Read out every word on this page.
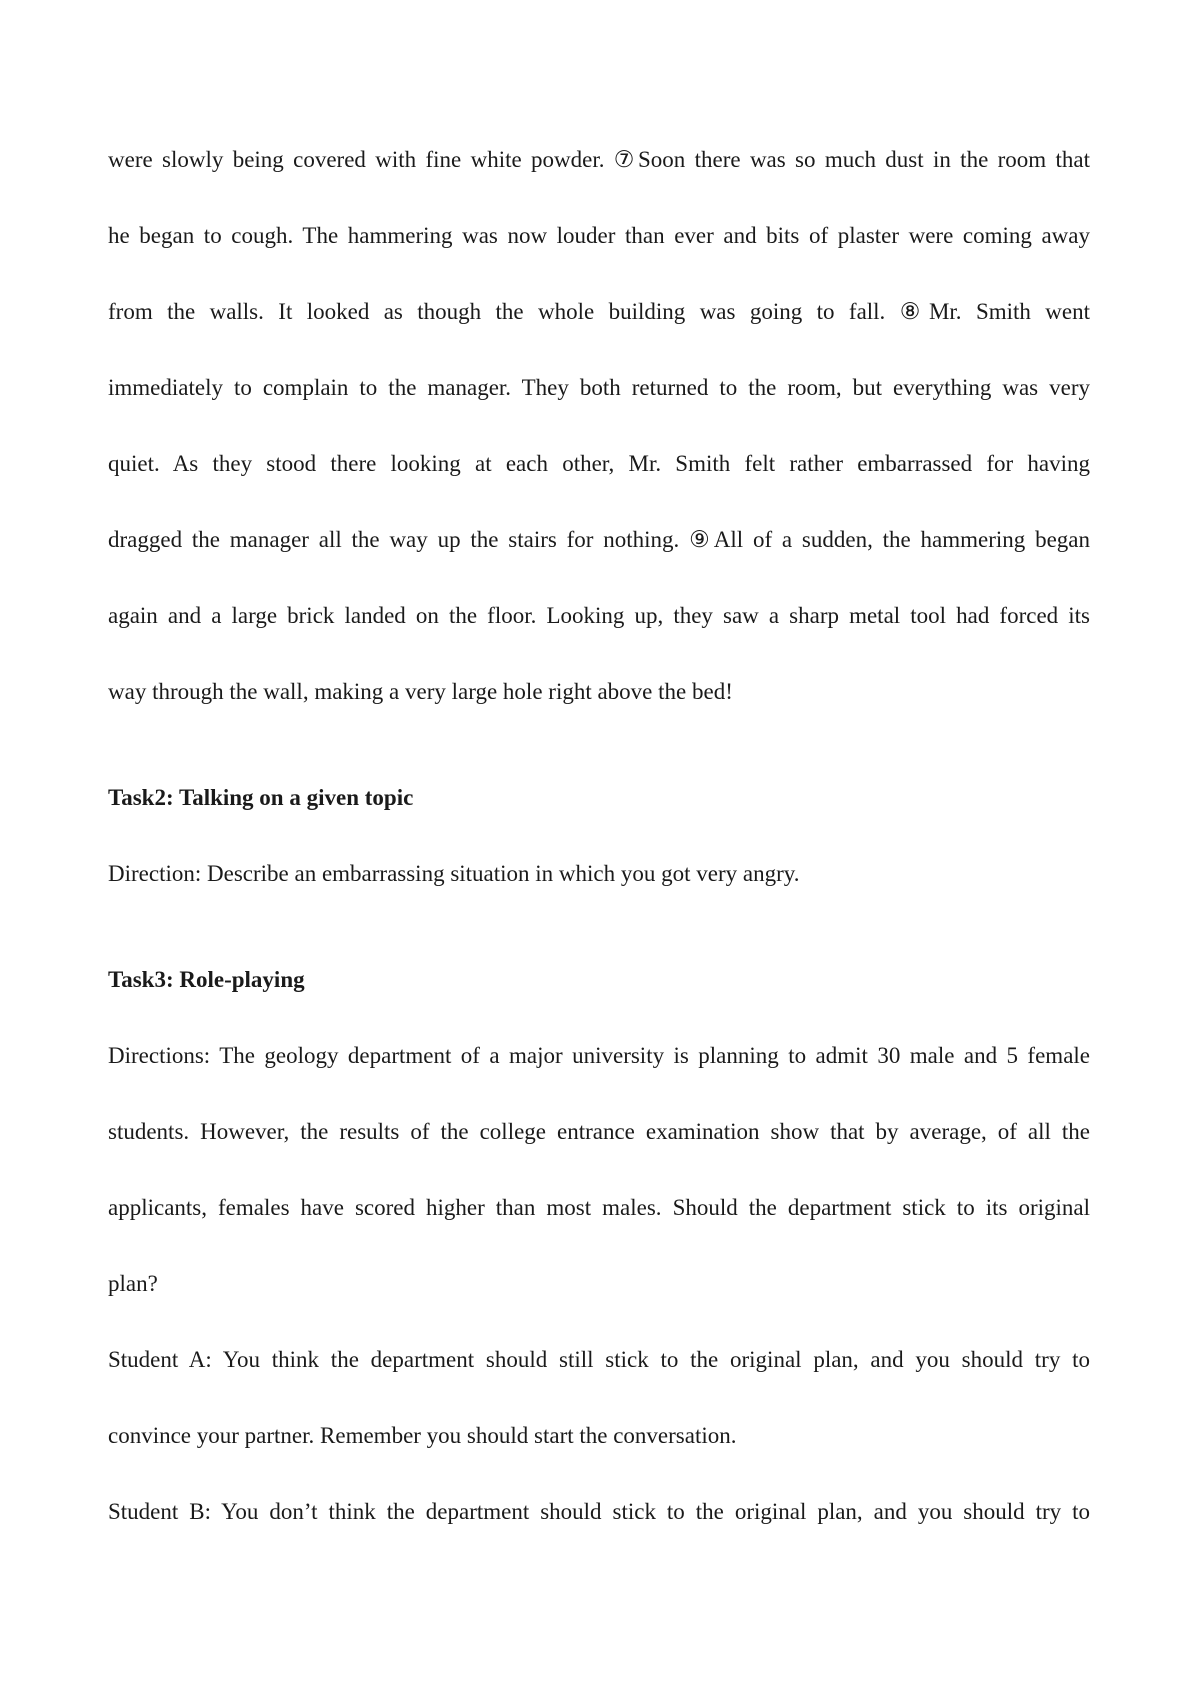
were slowly being covered with fine white powder. ⑦Soon there was so much dust in the room that
he began to cough. The hammering was now louder than ever and bits of plaster were coming away
from the walls. It looked as though the whole building was going to fall. ⑧Mr. Smith went
immediately to complain to the manager. They both returned to the room, but everything was very
quiet. As they stood there looking at each other, Mr. Smith felt rather embarrassed for having
dragged the manager all the way up the stairs for nothing. ⑨All of a sudden, the hammering began
again and a large brick landed on the floor. Looking up, they saw a sharp metal tool had forced its
way through the wall, making a very large hole right above the bed!
Task2: Talking on a given topic
Direction: Describe an embarrassing situation in which you got very angry.
Task3: Role-playing
Directions: The geology department of a major university is planning to admit 30 male and 5 female
students. However, the results of the college entrance examination show that by average, of all the
applicants, females have scored higher than most males. Should the department stick to its original
plan?
Student A: You think the department should still stick to the original plan, and you should try to
convince your partner. Remember you should start the conversation.
Student B: You don’t think the department should stick to the original plan, and you should try to
